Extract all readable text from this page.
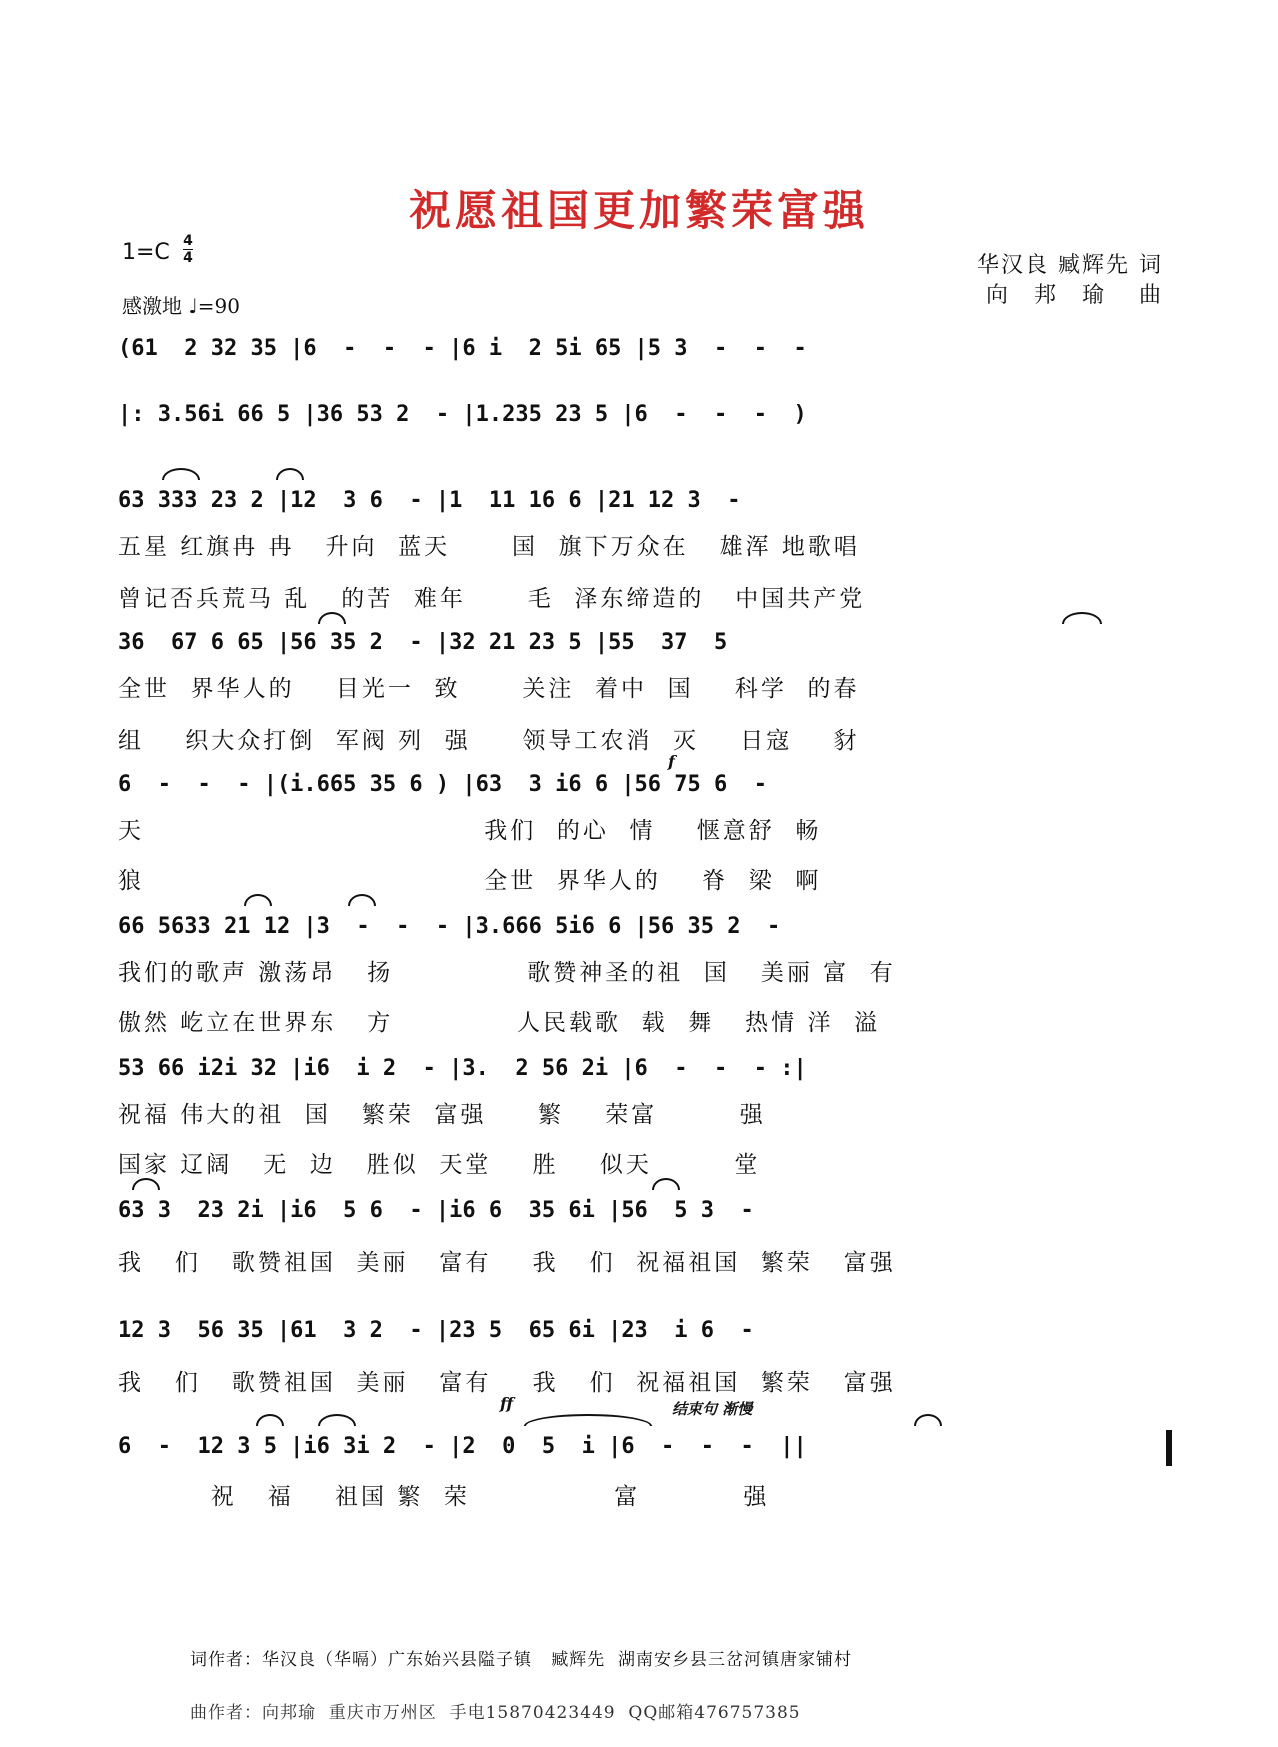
祝愿祖国更加繁荣富强
1=C 4
4
感激地 ♩=90
华汉良 臧辉先 词
向　邦　瑜　 曲
(61  2 32 35 |6  -  -  - |6 i  2 5i 65 |5 3  -  -  -
|: 3.56i 66 5 |36 53 2  - |1.235 23 5 |6  -  -  -  )
63 333 23 2 |12  3 6  - |1  11 16 6 |21 12 3  -
五星 红旗冉 冉   升向  蓝天      国  旗下万众在   雄浑 地歌唱
曾记否兵荒马 乱   的苦  难年      毛  泽东缔造的   中国共产党
36  67 6 65 |56 35 2  - |32 21 23 5 |55  37  5
全世  界华人的    目光一  致      关注  着中  国    科学  的春
组    织大众打倒  军阀 列  强     领导工农消  灭    日寇    豺
f
6  -  -  - |(i.665 35 6 ) |63  3 i6 6 |56 75 6  -
天                                 我们  的心  情    惬意舒  畅
狼                                 全世  界华人的    脊  梁  啊
66 5633 21 12 |3  -  -  - |3.666 5i6 6 |56 35 2  -
我们的歌声 激荡昂   扬             歌赞神圣的祖  国   美丽 富  有
傲然 屹立在世界东   方            人民载歌  载  舞   热情 洋  溢
53 66 i2i 32 |i6  i 2  - |3.  2 56 2i |6  -  -  - :|
祝福 伟大的祖  国   繁荣  富强     繁    荣富        强
国家 辽阔   无  边   胜似  天堂    胜    似天        堂
63 3  23 2i |i6  5 6  - |i6 6  35 6i |56  5 3  -
我   们   歌赞祖国  美丽   富有    我   们  祝福祖国  繁荣   富强
12 3  56 35 |61  3 2  - |23 5  65 6i |23  i 6  -
我   们   歌赞祖国  美丽   富有    我   们  祝福祖国  繁荣   富强
ff	结束句 渐慢
6  -  12 3 5 |i6 3i 2  - |2  0  5  i |6  -  -  -  ||
祝   福    祖国 繁  荣              富          强
词作者：华汉良（华嗝）广东始兴县隘子镇   臧辉先  湖南安乡县三岔河镇唐家铺村
曲作者：向邦瑜  重庆市万州区  手电15870423449  QQ邮箱476757385
